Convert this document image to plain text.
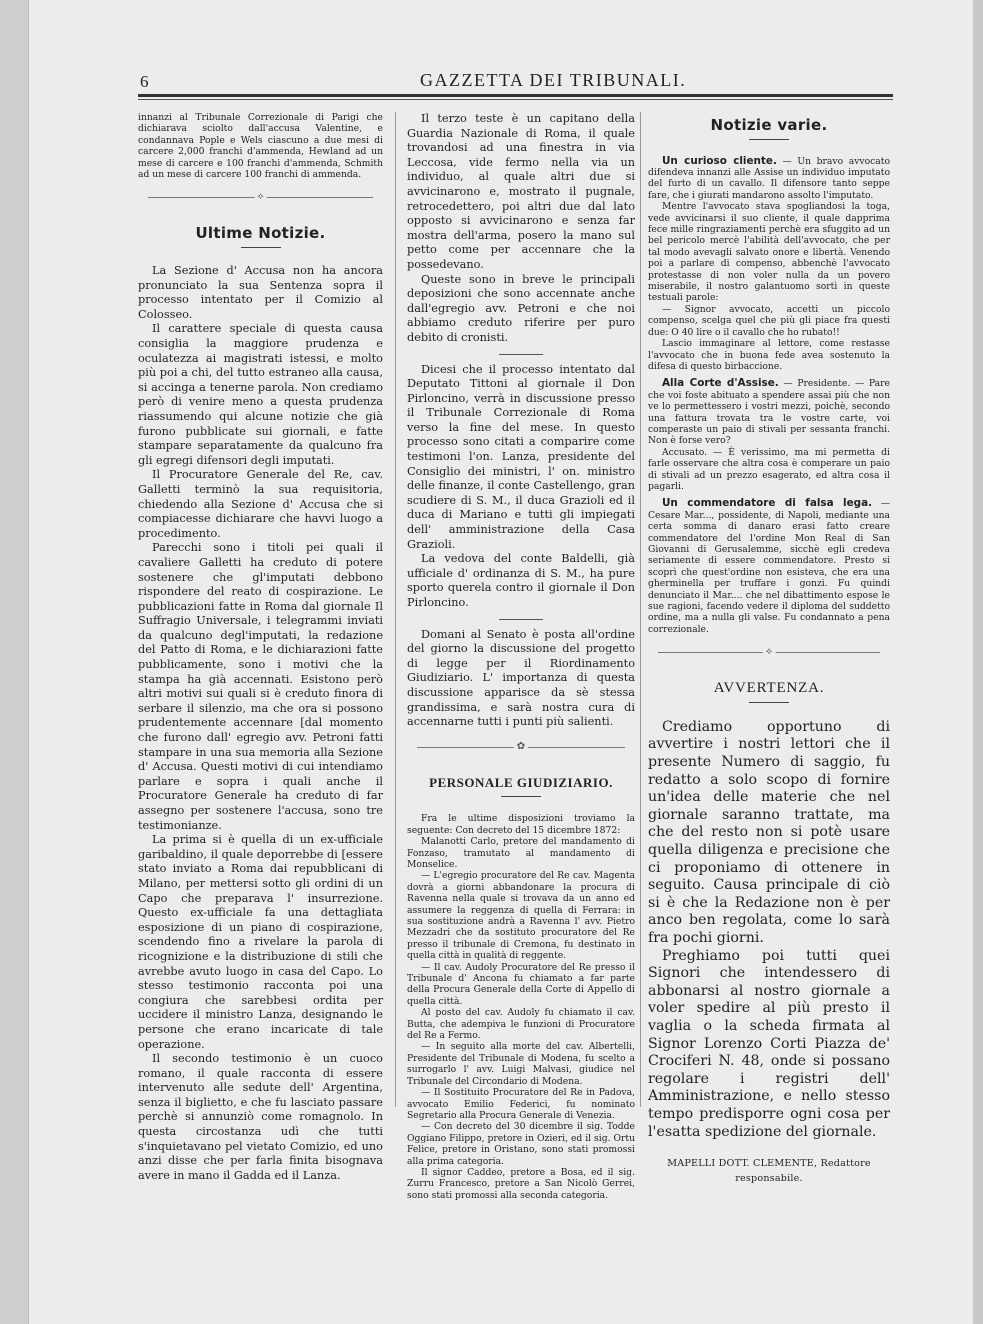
6	GAZZETTA DEI TRIBUNALI.

innanzi al Tribunale Correzionale di Parigi che dichiarava sciolto dall'accusa Valentine, e condannava Pople e Wels ciascuno a due mesi di carcere 2,000 franchi d'ammenda, Hewland ad un mese di carcere e 100 franchi d'ammenda, Schmith ad un mese di carcere 100 franchi di ammenda.

⟡
Ultime Notizie.

La Sezione d' Accusa non ha ancora pronunciato la sua Sentenza sopra il processo intentato per il Comizio al Colosseo.

Il carattere speciale di questa causa consiglia la maggiore prudenza e oculatezza ai magistrati istessi, e molto più poi a chi, del tutto estraneo alla causa, si accinga a tenerne parola. Non crediamo però di venire meno a questa prudenza riassumendo qui alcune notizie che già furono pubblicate sui giornali, e fatte stampare separatamente da qualcuno fra gli egregi difensori degli imputati.

Il Procuratore Generale del Re, cav. Galletti terminò la sua requisitoria, chiedendo alla Sezione d' Accusa che si compiacesse dichiarare che havvi luogo a procedimento.

Parecchi sono i titoli pei quali il cavaliere Galletti ha creduto di potere sostenere che gl'imputati debbono rispondere del reato di cospirazione. Le pubblicazioni fatte in Roma dal giornale Il Suffragio Universale, i telegrammi inviati da qualcuno degl'imputati, la redazione del Patto di Roma, e le dichiarazioni fatte pubblicamente, sono i motivi che la stampa ha già accennati. Esistono però altri motivi sui quali si è creduto finora di serbare il silenzio, ma che ora si possono prudentemente accennare [dal momento che furono dall' egregio avv. Petroni fatti stampare in una sua memoria alla Sezione d' Accusa. Questi motivi di cui intendiamo parlare e sopra i quali anche il Procuratore Generale ha creduto di far assegno per sostenere l'accusa, sono tre testimonianze.

La prima si è quella di un ex-ufficiale garibaldino, il quale deporrebbe di [essere stato inviato a Roma dai repubblicani di Milano, per mettersi sotto gli ordini di un Capo che preparava l' insurrezione. Questo ex-ufficiale fa una dettagliata esposizione di un piano di cospirazione, scendendo fino a rivelare la parola di ricognizione e la distribuzione di stili che avrebbe avuto luogo in casa del Capo. Lo stesso testimonio racconta poi una congiura che sarebbesi ordita per uccidere il ministro Lanza, designando le persone che erano incaricate di tale operazione.

Il secondo testimonio è un cuoco romano, il quale racconta di essere intervenuto alle sedute dell' Argentina, senza il biglietto, e che fu lasciato passare perchè si annunziò come romagnolo. In questa circostanza udì che tutti s'inquietavano pel vietato Comizio, ed uno anzi disse che per farla finita bisognava avere in mano il Gadda ed il Lanza.

Il terzo teste è un capitano della Guardia Nazionale di Roma, il quale trovandosi ad una finestra in via Leccosa, vide fermo nella via un individuo, al quale altri due si avvicinarono e, mostrato il pugnale, retrocedettero, poi altri due dal lato opposto si avvicinarono e senza far mostra dell'arma, posero la mano sul petto come per accennare che la possedevano.

Queste sono in breve le principali deposizioni che sono accennate anche dall'egregio avv. Petroni e che noi abbiamo creduto riferire per puro debito di cronisti.

Dicesi che il processo intentato dal Deputato Tittoni al giornale il Don Pirloncino, verrà in discussione presso il Tribunale Correzionale di Roma verso la fine del mese. In questo processo sono citati a comparire come testimoni l'on. Lanza, presidente del Consiglio dei ministri, l' on. ministro delle finanze, il conte Castellengo, gran scudiere di S. M., il duca Grazioli ed il duca di Mariano e tutti gli impiegati dell' amministrazione della Casa Grazioli.

La vedova del conte Baldelli, già ufficiale d' ordinanza di S. M., ha pure sporto querela contro il giornale il Don Pirloncino.

Domani al Senato è posta all'ordine del giorno la discussione del progetto di legge per il Riordinamento Giudiziario. L' importanza di questa discussione apparisce da sè stessa grandissima, e sarà nostra cura di accennarne tutti i punti più salienti.

✿
PERSONALE GIUDIZIARIO.

Fra le ultime disposizioni troviamo la seguente: Con decreto del 15 dicembre 1872:

Malanotti Carlo, pretore del mandamento di Fonzaso, tramutato al mandamento di Monselice.

— L'egregio procuratore del Re cav. Magenta dovrà a giorni abbandonare la procura di Ravenna nella quale si trovava da un anno ed assumere la reggenza di quella di Ferrara: in sua sostituzione andrà a Ravenna l' avv. Pietro Mezzadri che da sostituto procuratore del Re presso il tribunale di Cremona, fu destinato in quella città in qualità di reggente.

— Il cav. Audoly Procuratore del Re presso il Tribunale d' Ancona fu chiamato a far parte della Procura Generale della Corte di Appello di quella città.

Al posto del cav. Audoly fu chiamato il cav. Butta, che adempiva le funzioni di Procuratore del Re a Fermo.

— In seguito alla morte del cav. Albertelli, Presidente del Tribunale di Modena, fu scelto a surrogarlo l' avv. Luigi Malvasi, giudice nel Tribunale del Circondario di Modena.

— Il Sostituito Procuratore del Re in Padova, avvocato Emilio Federici, fu nominato Segretario alla Procura Generale di Venezia.

— Con decreto del 30 dicembre il sig. Todde Oggiano Filippo, pretore in Ozieri, ed il sig. Ortu Felice, pretore in Oristano, sono stati promossi alla prima categoria.

Il signor Caddeo, pretore a Bosa, ed il sig. Zurru Francesco, pretore a San Nicolò Gerrei, sono stati promossi alla seconda categoria.

Notizie varie.

Un curioso cliente. — Un bravo avvocato difendeva innanzi alle Assise un individuo imputato del furto di un cavallo. Il difensore tanto seppe fare, che i giurati mandarono assolto l'imputato.

Mentre l'avvocato stava spogliandosi la toga, vede avvicinarsi il suo cliente, il quale dapprima fece mille ringraziamenti perchè era sfuggito ad un bel pericolo mercè l'abilità dell'avvocato, che per tal modo avevagli salvato onore e libertà. Venendo poi a parlare di compenso, abbenchè l'avvocato protestasse di non voler nulla da un povero miserabile, il nostro galantuomo sortì in queste testuali parole:

— Signor avvocato, accetti un piccolo compenso, scelga quel che più gli piace fra questi due: O 40 lire o il cavallo che ho rubato!!

Lascio immaginare al lettore, come restasse l'avvocato che in buona fede avea sostenuto la difesa di questo birbaccione.

Alla Corte d'Assise. — Presidente. — Pare che voi foste abituato a spendere assai più che non ve lo permettessero i vostri mezzi, poichè, secondo una fattura trovata tra le vostre carte, voi comperaste un paio di stivali per sessanta franchi. Non è forse vero?

Accusato. — È verissimo, ma mi permetta di farle osservare che altra cosa è comperare un paio di stivali ad un prezzo esagerato, ed altra cosa il pagarli.

Un commendatore di falsa lega. — Cesare Mar..., possidente, di Napoli, mediante una certa somma di danaro erasi fatto creare commendatore del l'ordine Mon Real di San Giovanni di Gerusalemme, sicchè egli credeva seriamente di essere commendatore. Presto si scoprì che quest'ordine non esisteva, che era una gherminella per truffare i gonzi. Fu quindi denunciato il Mar.... che nel dibattimento espose le sue ragioni, facendo vedere il diploma del suddetto ordine, ma a nulla gli valse. Fu condannato a pena correzionale.

⟡
AVVERTENZA.

Crediamo opportuno di avvertire i nostri lettori che il presente Numero di saggio, fu redatto a solo scopo di fornire un'idea delle materie che nel giornale saranno trattate, ma che del resto non si potè usare quella diligenza e precisione che ci proponiamo di ottenere in seguito. Causa principale di ciò si è che la Redazione non è per anco ben regolata, come lo sarà fra pochi giorni.

Preghiamo poi tutti quei Signori che intendessero di abbonarsi al nostro giornale a voler spedire al più presto il vaglia o la scheda firmata al Signor Lorenzo Corti Piazza de' Crociferi N. 48, onde si possano regolare i registri dell' Amministrazione, e nello stesso tempo predisporre ogni cosa per l'esatta spedizione del giornale.

MAPELLI DOTT. CLEMENTE, Redattore responsabile.
